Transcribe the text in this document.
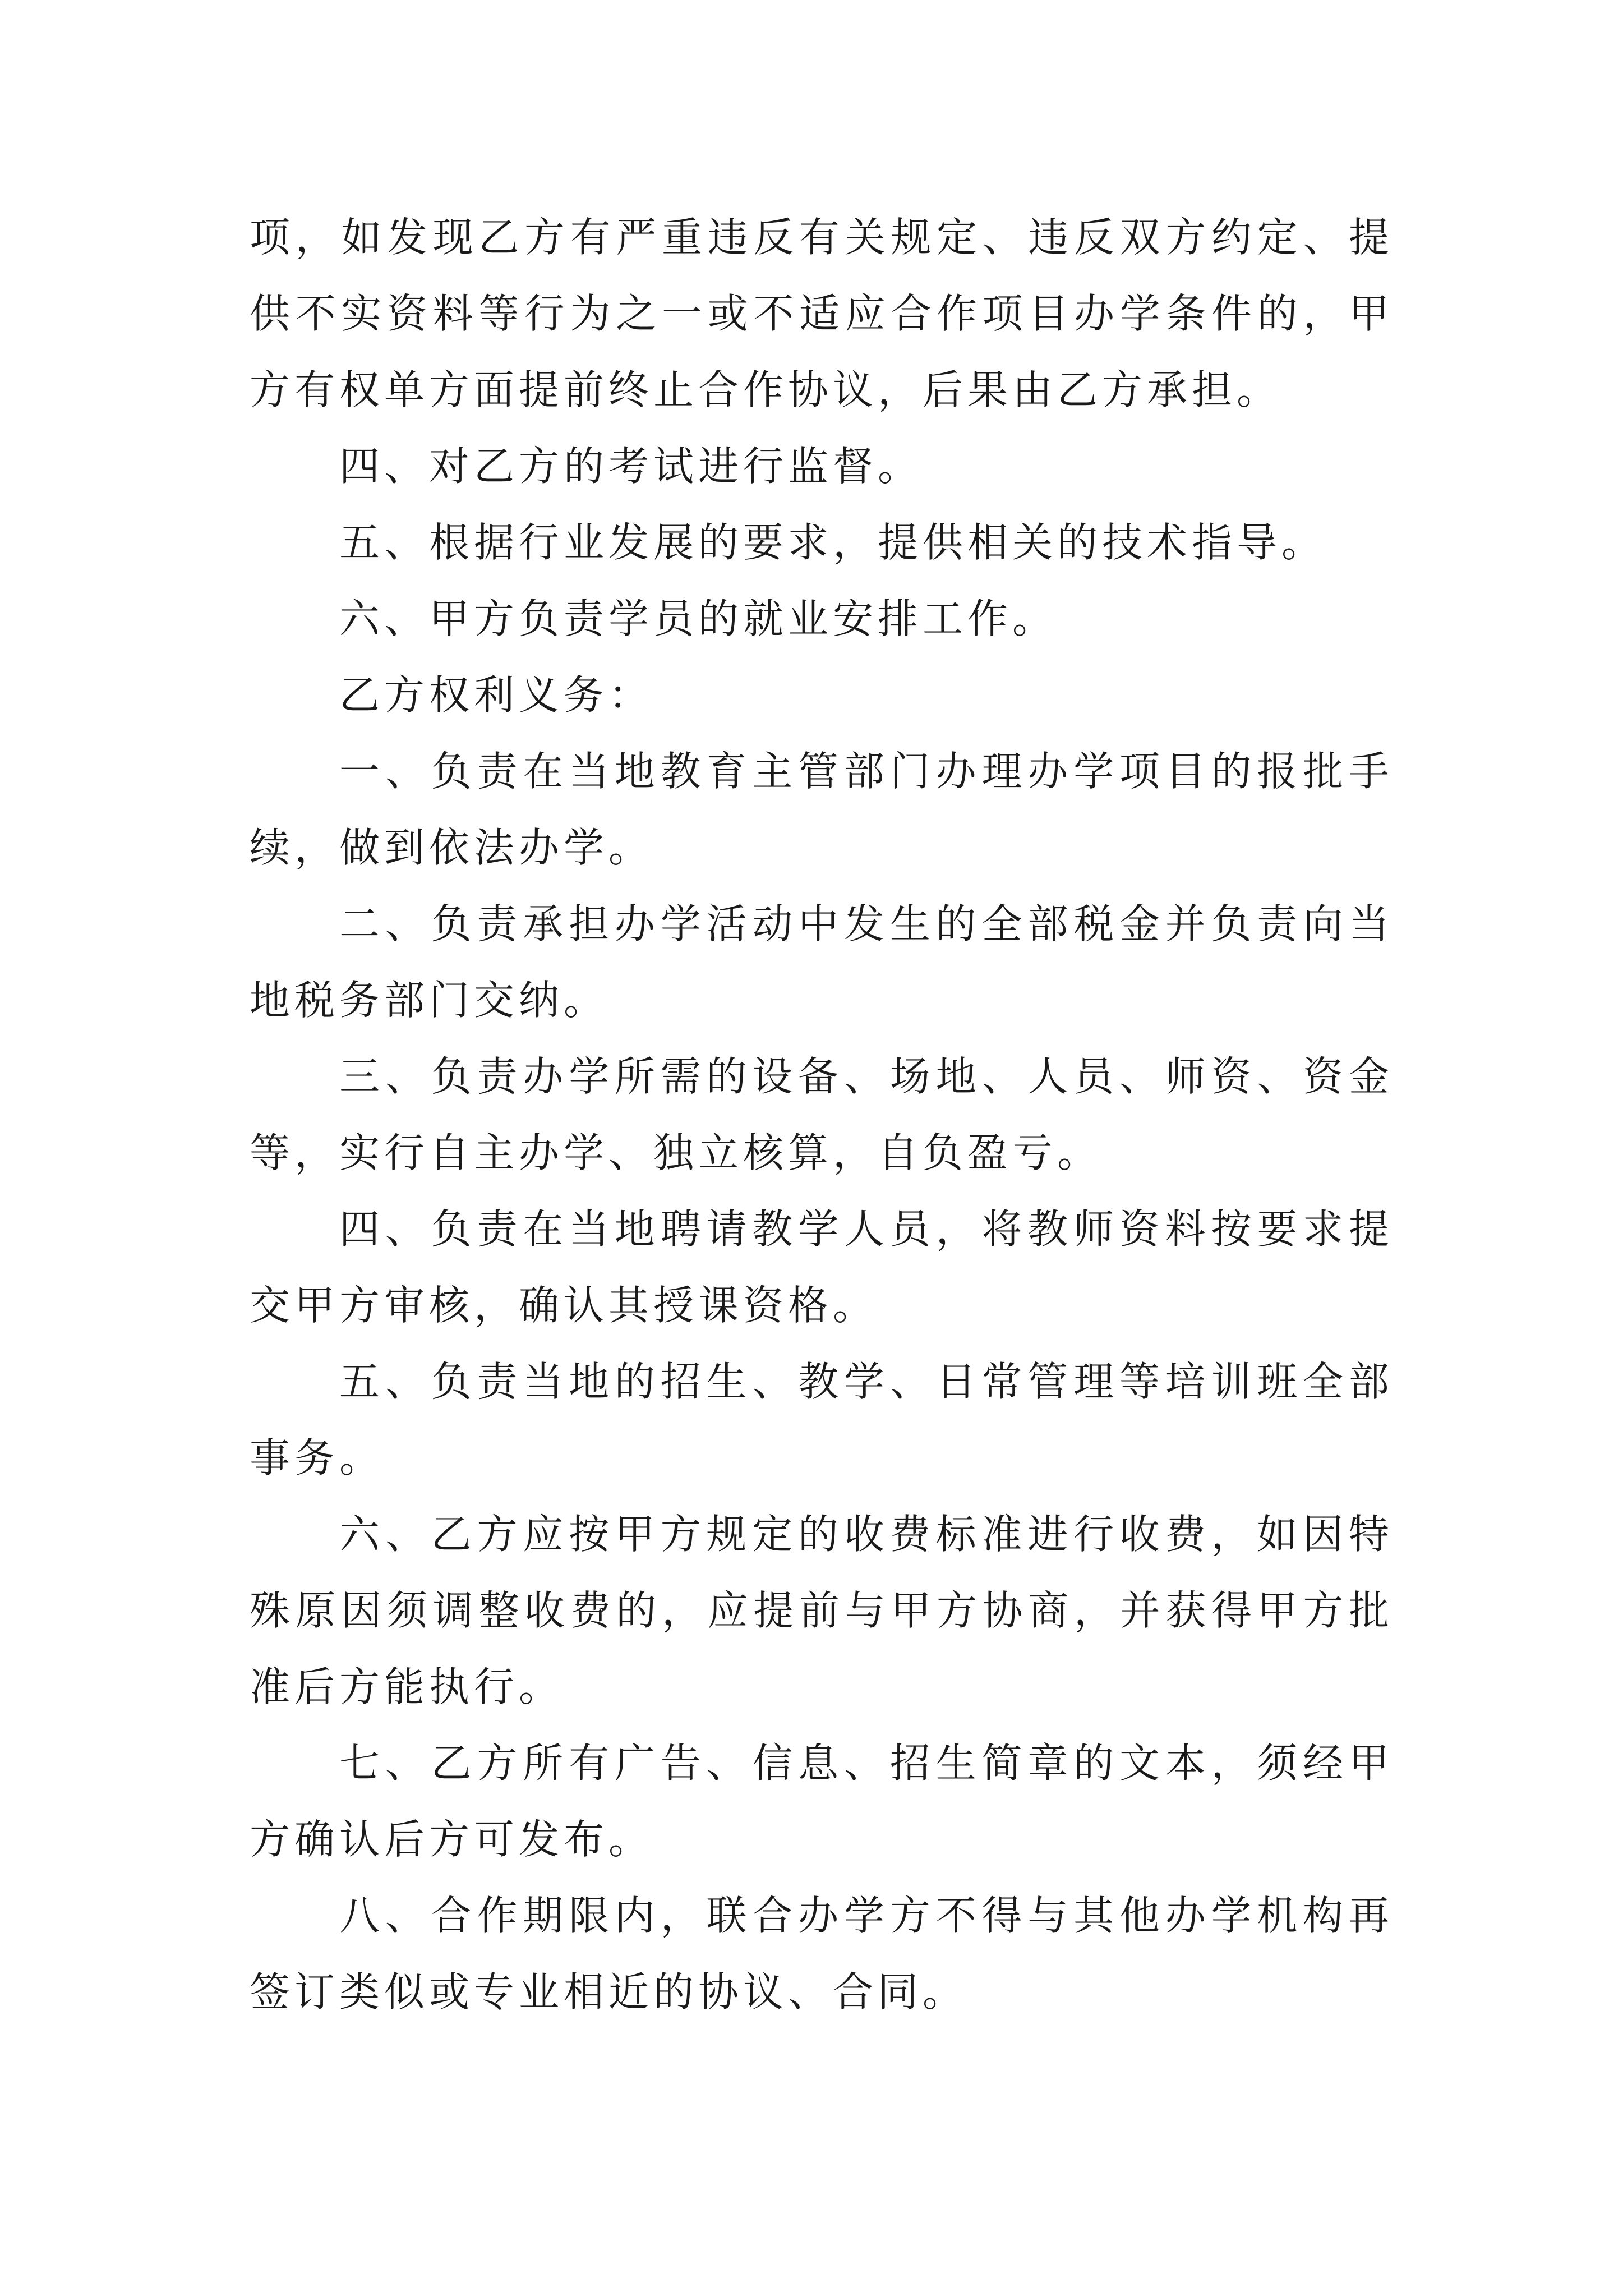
项，如发现乙方有严重违反有关规定、违反双方约定、提供不实资料等行为之一或不适应合作项目办学条件的，甲方有权单方面提前终止合作协议，后果由乙方承担。

四、对乙方的考试进行监督。

五、根据行业发展的要求，提供相关的技术指导。

六、甲方负责学员的就业安排工作。

乙方权利义务：

一、负责在当地教育主管部门办理办学项目的报批手续，做到依法办学。

二、负责承担办学活动中发生的全部税金并负责向当地税务部门交纳。

三、负责办学所需的设备、场地、人员、师资、资金等，实行自主办学、独立核算，自负盈亏。

四、负责在当地聘请教学人员，将教师资料按要求提交甲方审核，确认其授课资格。

五、负责当地的招生、教学、日常管理等培训班全部事务。

六、乙方应按甲方规定的收费标准进行收费，如因特殊原因须调整收费的，应提前与甲方协商，并获得甲方批准后方能执行。

七、乙方所有广告、信息、招生简章的文本，须经甲方确认后方可发布。

八、合作期限内，联合办学方不得与其他办学机构再签订类似或专业相近的协议、合同。
